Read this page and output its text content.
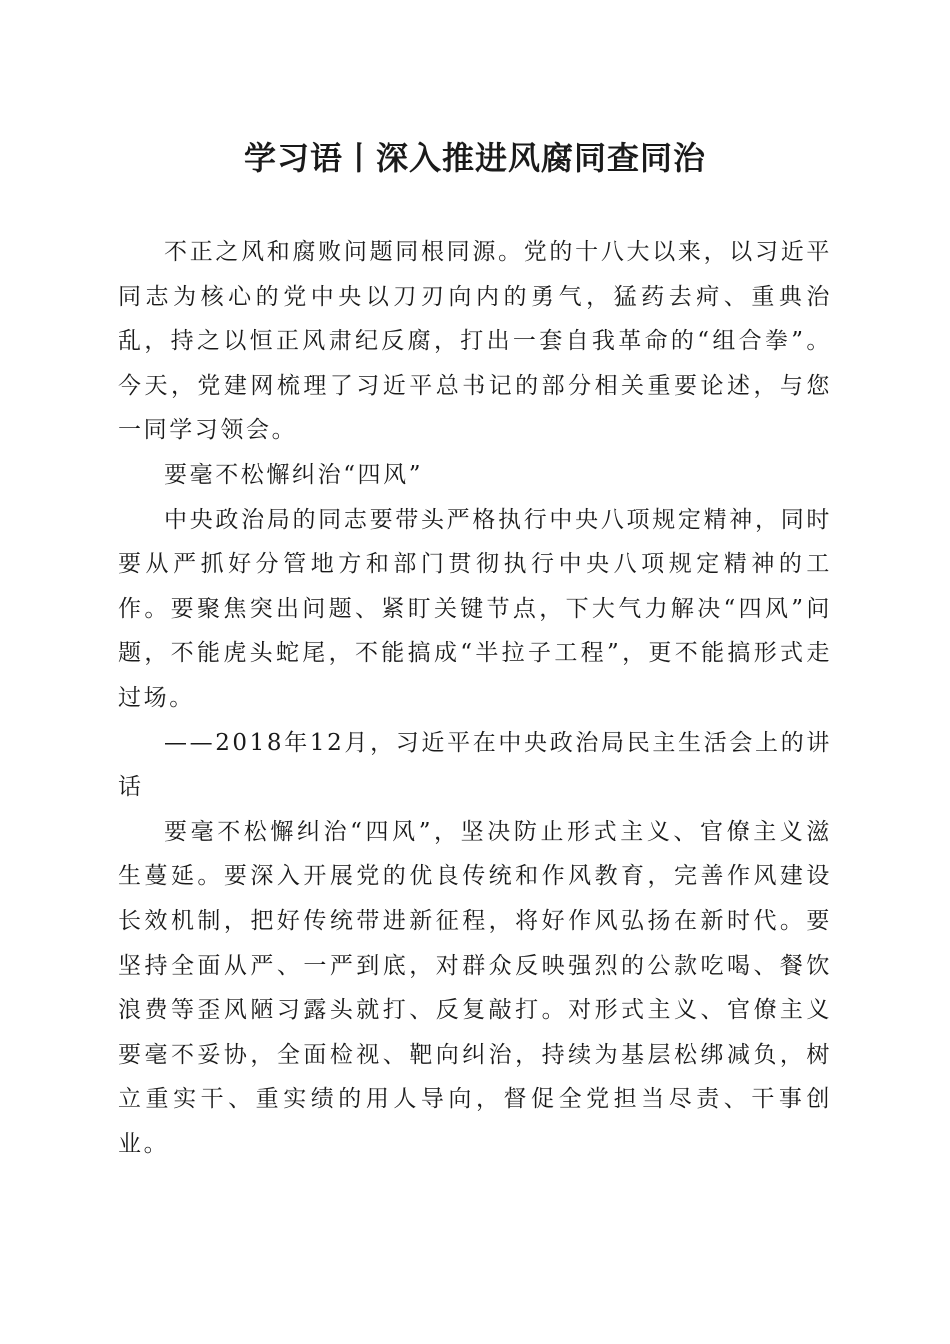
学习语丨深入推进风腐同查同治

不正之风和腐败问题同根同源。党的十八大以来，以习近平同志为核心的党中央以刀刃向内的勇气，猛药去疴、重典治乱，持之以恒正风肃纪反腐，打出一套自我革命的“组合拳”。今天，党建网梳理了习近平总书记的部分相关重要论述，与您一同学习领会。

要毫不松懈纠治“四风”

中央政治局的同志要带头严格执行中央八项规定精神，同时要从严抓好分管地方和部门贯彻执行中央八项规定精神的工作。要聚焦突出问题、紧盯关键节点，下大气力解决“四风”问题，不能虎头蛇尾，不能搞成“半拉子工程”，更不能搞形式走过场。

——2018年12月，习近平在中央政治局民主生活会上的讲话

要毫不松懈纠治“四风”，坚决防止形式主义、官僚主义滋生蔓延。要深入开展党的优良传统和作风教育，完善作风建设长效机制，把好传统带进新征程，将好作风弘扬在新时代。要坚持全面从严、一严到底，对群众反映强烈的公款吃喝、餐饮浪费等歪风陋习露头就打、反复敲打。对形式主义、官僚主义要毫不妥协，全面检视、靶向纠治，持续为基层松绑减负，树立重实干、重实绩的用人导向，督促全党担当尽责、干事创业。
